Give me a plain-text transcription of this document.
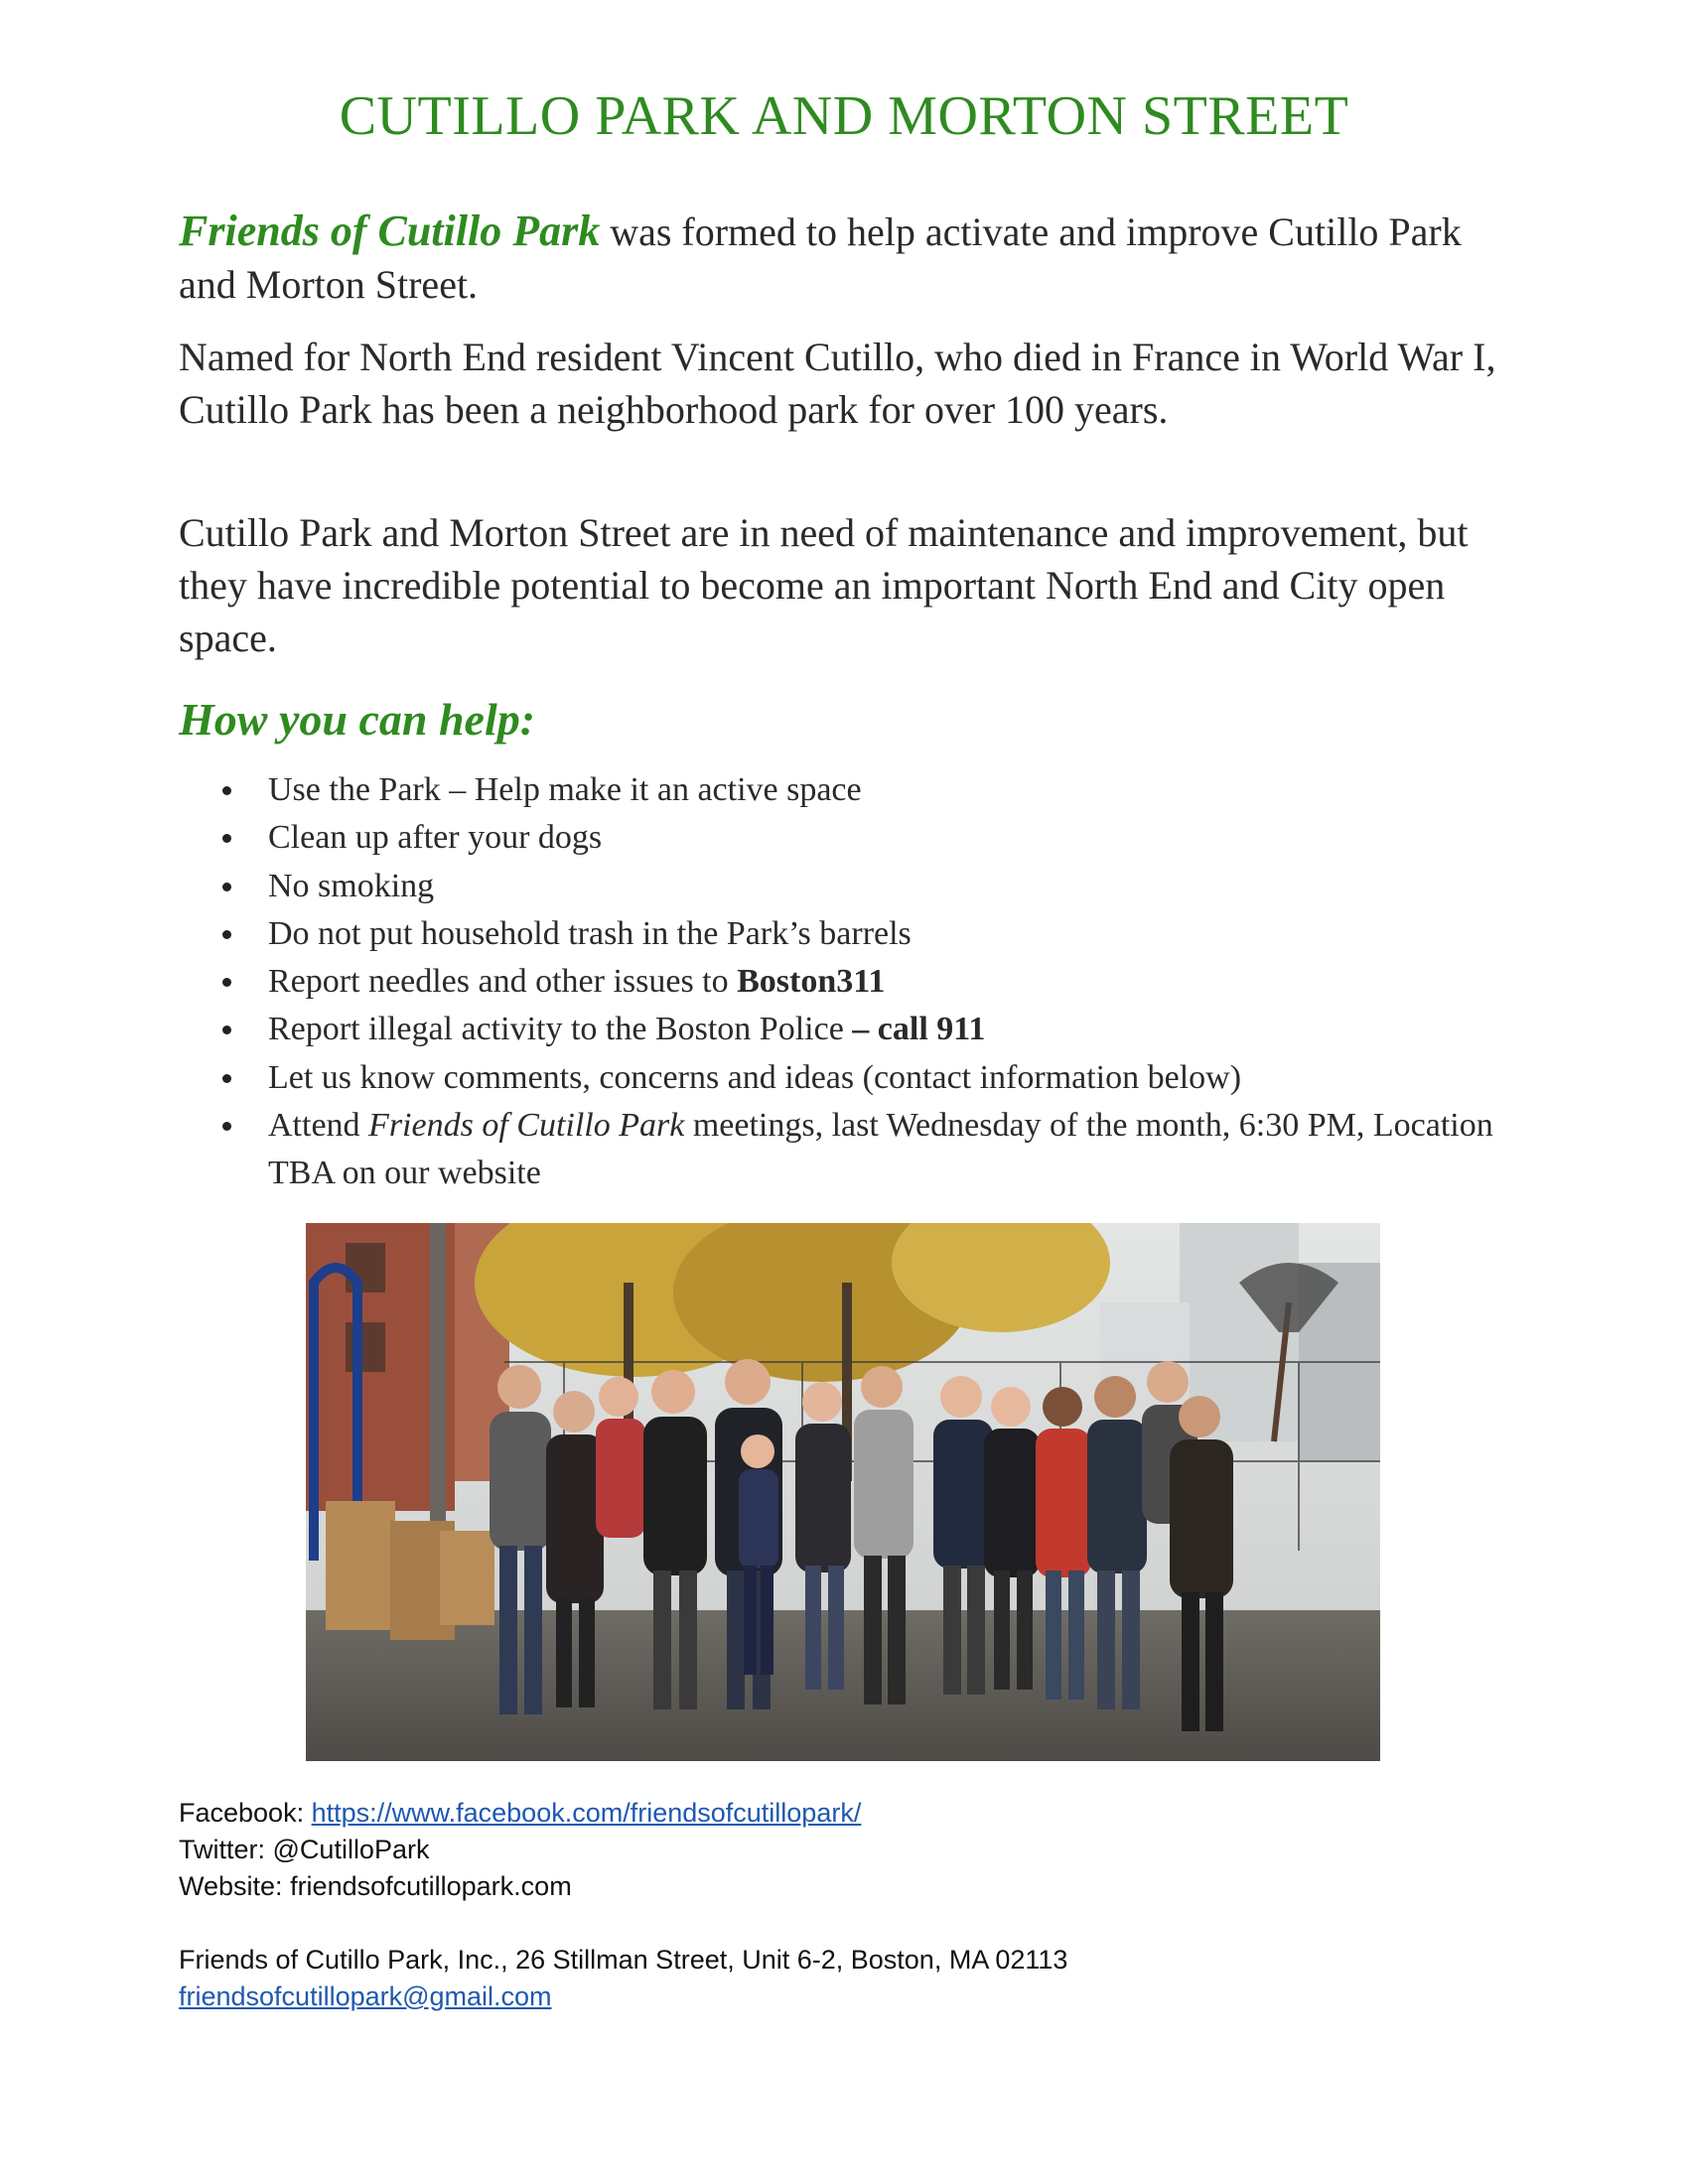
CUTILLO PARK AND MORTON STREET

Friends of Cutillo Park was formed to help activate and improve Cutillo Park and Morton Street.

Named for North End resident Vincent Cutillo, who died in France in World War I, Cutillo Park has been a neighborhood park for over 100 years.

Cutillo Park and Morton Street are in need of maintenance and improvement, but they have incredible potential to become an important North End and City open space.

How you can help:
Use the Park – Help make it an active space
Clean up after your dogs
No smoking
Do not put household trash in the Park’s barrels
Report needles and other issues to Boston311
Report illegal activity to the Boston Police – call 911
Let us know comments, concerns and ideas (contact information below)
Attend Friends of Cutillo Park meetings, last Wednesday of the month, 6:30 PM, Location TBA on our website

Facebook: https://www.facebook.com/friendsofcutillopark/
Twitter: @CutilloPark
Website: friendsofcutillopark.com

Friends of Cutillo Park, Inc., 26 Stillman Street, Unit 6-2, Boston, MA 02113
friendsofcutillopark@gmail.com
